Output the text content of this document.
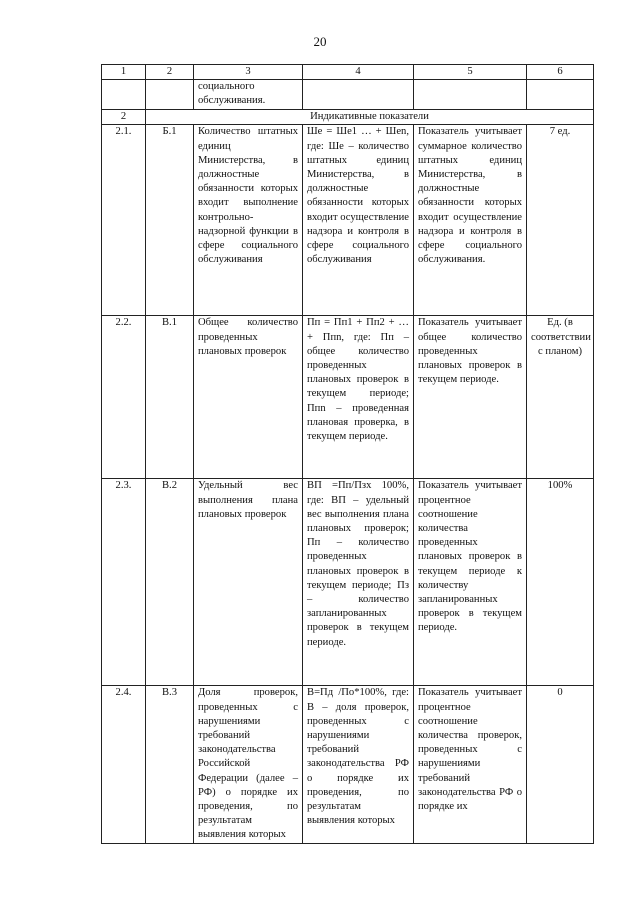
20
1	2	3	4	5	6
		социального обслуживания.			
2	Индикативные показатели				
2.1.	Б.1	Количество штатных единиц Министерства, в должностные обязанности которых входит выполнение контрольно-надзорной функции в сфере социального обслуживания	Ше = Ше1 … + Шеn, где: Ше – количество штатных единиц Министерства, в должностные обязанности которых входит осуществление надзора и контроля в сфере социального обслуживания	Показатель учитывает суммарное количество штатных единиц Министерства, в должностные обязанности которых входит осуществление надзора и контроля в сфере социального обслуживания.	7 ед.
2.2.	В.1	Общее количество проведенных плановых проверок	Пп = Пп1 + Пп2 + … + Ппn, где: Пп – общее количество проведенных плановых проверок в текущем периоде; Ппn – проведенная плановая проверка, в текущем периоде.	Показатель учитывает общее количество проведенных плановых проверок в текущем периоде.	Ед. (в соответствии с планом)
2.3.	В.2	Удельный вес выполнения плана плановых проверок	ВП =Пп/Пзх 100%, где: ВП – удельный вес выполнения плана плановых проверок; Пп – количество проведенных плановых проверок в текущем периоде; Пз – количество запланированных проверок в текущем периоде.	Показатель учитывает процентное соотношение количества проведенных плановых проверок в текущем периоде к количеству запланированных проверок в текущем периоде.	100%
2.4.	В.3	Доля проверок, проведенных с нарушениями требований законодательства Российской Федерации (далее – РФ) о порядке их проведения, по результатам выявления которых	В=Пд /По*100%, где: В – доля проверок, проведенных с нарушениями требований законодательства РФ о порядке их проведения, по результатам выявления которых	Показатель учитывает процентное соотношение количества проверок, проведенных с нарушениями требований законодательства РФ о порядке их	0
